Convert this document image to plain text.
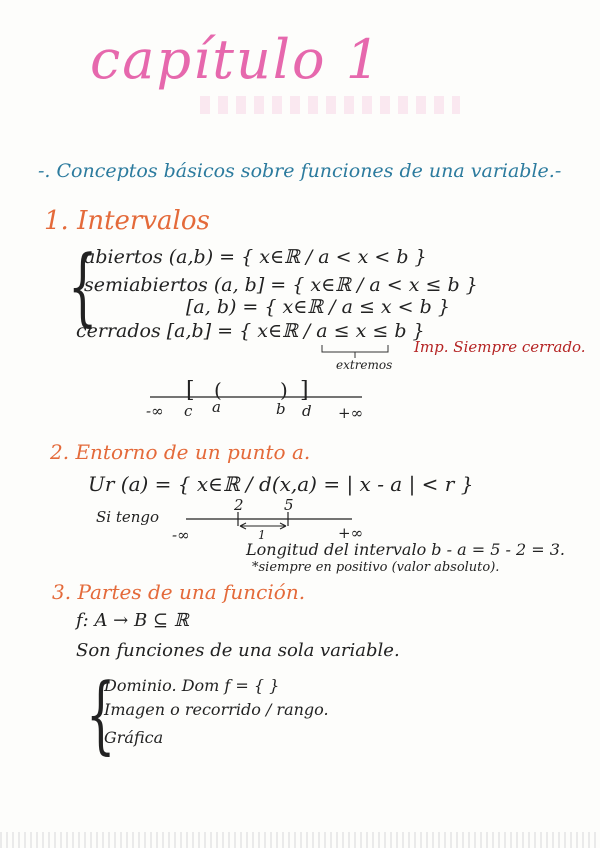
capítulo 1
-. Conceptos básicos sobre funciones de una variable.-
1. Intervalos
{
abiertos (a,b) = { x∈ℝ / a < x < b }
semiabiertos (a, b] = { x∈ℝ / a < x ≤ b }
[a, b) = { x∈ℝ / a ≤ x < b }
cerrados [a,b] = { x∈ℝ / a ≤ x ≤ b }
Imp. Siempre cerrado.
extremos
[ (	) ]
-∞ c a	b d +∞
2. Entorno de un punto a.
Ur (a) = { x∈ℝ / d(x,a) = | x - a | < r }
Si tengo
2	5
1
-∞	+∞
Longitud del intervalo b - a = 5 - 2 = 3.
*siempre en positivo (valor absoluto).
3. Partes de una función.
f: A → B ⊆ ℝ
Son funciones de una sola variable.
{
Dominio. Dom f = { }
Imagen o recorrido / rango.
Gráfica
